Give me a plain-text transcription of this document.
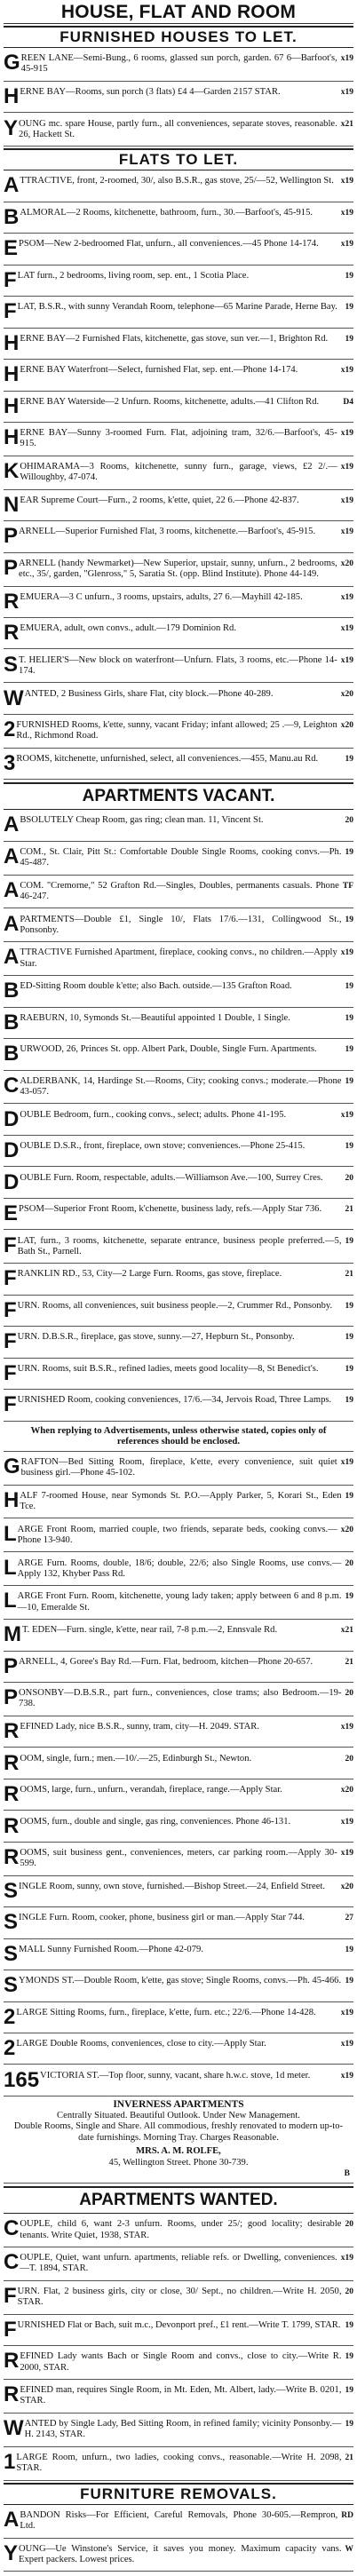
HOUSE, FLAT AND ROOM
FURNISHED HOUSES TO LET.
G	x19
REEN LANE—Semi-Bung., 6 rooms, glassed sun porch, garden. 67 6—Barfoot's, 45-915
H	x19
ERNE BAY—Rooms, sun porch (3 flats) £4 4—Garden 2157 STAR.
Y	x21
OUNG mc. spare House, partly furn., all conveniences, separate stoves, reasonable. 26, Hackett St.
FLATS TO LET.
A	x19
TTRACTIVE, front, 2-roomed, 30/, also B.S.R., gas stove, 25/—52, Wellington St.
B	x19
ALMORAL—2 Rooms, kitchenette, bathroom, furn., 30.—Barfoot's, 45-915.
E	x19
PSOM—New 2-bedroomed Flat, unfurn., all conveniences.—45 Phone 14-174.
F	19
LAT furn., 2 bedrooms, living room, sep. ent., 1 Scotia Place.
F	19
LAT, B.S.R., with sunny Verandah Room, telephone—65 Marine Parade, Herne Bay.
H	19
ERNE BAY—2 Furnished Flats, kitchenette, gas stove, sun ver.—1, Brighton Rd.
H	x19
ERNE BAY Waterfront—Select, furnished Flat, sep. ent.—Phone 14-174.
H	D4
ERNE BAY Waterside—2 Unfurn. Rooms, kitchenette, adults.—41 Clifton Rd.
H	x19
ERNE BAY—Sunny 3-roomed Furn. Flat, adjoining tram, 32/6.—Barfoot's, 45-915.
K	x19
OHIMARAMA—3 Rooms, kitchenette, sunny furn., garage, views, £2 2/.—Willoughby, 47-074.
N	x19
EAR Supreme Court—Furn., 2 rooms, k'ette, quiet, 22 6.—Phone 42-837.
P	x19
ARNELL—Superior Furnished Flat, 3 rooms, kitchenette.—Barfoot's, 45-915.
P	x20
ARNELL (handy Newmarket)—New Superior, upstair, sunny, unfurn., 2 bedrooms, etc., 35/, garden, "Glenross," 5, Saratia St. (opp. Blind Institute). Phone 44-149.
R	x19
EMUERA—3 C unfurn., 3 rooms, upstairs, adults, 27 6.—Mayhill 42-185.
R	x19
EMUERA, adult, own convs., adult.—179 Dominion Rd.
S	x19
T. HELIER'S—New block on waterfront—Unfurn. Flats, 3 rooms, etc.—Phone 14-174.
W	x20
ANTED, 2 Business Girls, share Flat, city block.—Phone 40-289.
2	x20
FURNISHED Rooms, k'ette, sunny, vacant Friday; infant allowed; 25 .—9, Leighton Rd., Richmond Road.
3	19
ROOMS, kitchenette, unfurnished, select, all conveniences.—455, Manu.au Rd.
APARTMENTS VACANT.
A	20
BSOLUTELY Cheap Room, gas ring; clean man. 11, Vincent St.
A	19
COM., St. Clair, Pitt St.: Comfortable Double Single Rooms, cooking convs.—Ph. 45-487.
A	TF
COM. "Cremorne," 52 Grafton Rd.—Singles, Doubles, permanents casuals. Phone 46-247.
A	19
PARTMENTS—Double £1, Single 10/, Flats 17/6.—131, Collingwood St., Ponsonby.
A	x19
TTRACTIVE Furnished Apartment, fireplace, cooking convs., no children.—Apply Star.
B	19
ED-Sitting Room double k'ette; also Bach. outside.—135 Grafton Road.
B	19
RAEBURN, 10, Symonds St.—Beautiful appointed 1 Double, 1 Single.
B	19
URWOOD, 26, Princes St. opp. Albert Park, Double, Single Furn. Apartments.
C	19
ALDERBANK, 14, Hardinge St.—Rooms, City; cooking convs.; moderate.—Phone 43-057.
D	x19
OUBLE Bedroom, furn., cooking convs., select; adults. Phone 41-195.
D	19
OUBLE D.S.R., front, fireplace, own stove; conveniences.—Phone 25-415.
D	20
OUBLE Furn. Room, respectable, adults.—Williamson Ave.—100, Surrey Cres.
E	21
PSOM—Superior Front Room, k'chenette, business lady, refs.—Apply Star 736.
F	19
LAT, furn., 3 rooms, kitchenette, separate entrance, business people preferred.—5, Bath St., Parnell.
F	21
RANKLIN RD., 53, City—2 Large Furn. Rooms, gas stove, fireplace.
F	19
URN. Rooms, all conveniences, suit business people.—2, Crummer Rd., Ponsonby.
F	19
URN. D.B.S.R., fireplace, gas stove, sunny.—27, Hepburn St., Ponsonby.
F	19
URN. Rooms, suit B.S.R., refined ladies, meets good locality—8, St Benedict's.
F	19
URNISHED Room, cooking conveniences, 17/6.—34, Jervois Road, Three Lamps.
When replying to Advertisements, unless otherwise stated, copies only of references should be enclosed.
G	x19
RAFTON—Bed Sitting Room, fireplace, k'ette, every convenience, suit quiet business girl.—Phone 45-102.
H	19
ALF 7-roomed House, near Symonds St. P.O.—Apply Parker, 5, Korari St., Eden Tce.
L	x20
ARGE Front Room, married couple, two friends, separate beds, cooking convs.—Phone 13-940.
L	20
ARGE Furn. Rooms, double, 18/6; double, 22/6; also Single Rooms, use convs.—Apply 132, Khyber Pass Rd.
L	19
ARGE Front Furn. Room, kitchenette, young lady taken; apply between 6 and 8 p.m.—10, Emeralde St.
M	x21
T. EDEN—Furn. single, k'ette, near rail, 7-8 p.m.—2, Ennsvale Rd.
P	21
ARNELL, 4, Goree's Bay Rd.—Furn. Flat, bedroom, kitchen—Phone 20-657.
P	20
ONSONBY—D.B.S.R., part furn., conveniences, close trams; also Bedroom.—19-738.
R	x19
EFINED Lady, nice B.S.R., sunny, tram, city—H. 2049. STAR.
R	20
OOM, single, furn.; men.—10/.—25, Edinburgh St., Newton.
R	x20
OOMS, large, furn., unfurn., verandah, fireplace, range.—Apply Star.
R	x19
OOMS, furn., double and single, gas ring, conveniences. Phone 46-131.
R	x19
OOMS, suit business gent., conveniences, meters, car parking room.—Apply 30-599.
S	x20
INGLE Room, sunny, own stove, furnished.—Bishop Street.—24, Enfield Street.
S	27
INGLE Furn. Room, cooker, phone, business girl or man.—Apply Star 744.
S	19
MALL Sunny Furnished Room.—Phone 42-079.
S	19
YMONDS ST.—Double Room, k'ette, gas stove; Single Rooms, convs.—Ph. 45-466.
2	x19
LARGE Sitting Rooms, furn., fireplace, k'ette, furn. etc.; 22/6.—Phone 14-428.
2	x19
LARGE Double Rooms, conveniences, close to city.—Apply Star.
165	x19
VICTORIA ST.—Top floor, sunny, vacant, share h.w.c. stove, 1d meter.
INVERNESS APARTMENTS
Centrally Situated. Beautiful Outlook. Under New Management.
Double Rooms, Single and Share. All commodious, freshly renovated to modern up-to-date furnishings. Morning Tray. Charges Reasonable.
MRS. A. M. ROLFE,
45, Wellington Street. Phone 30-739.
B
APARTMENTS WANTED.
C	20
OUPLE, child 6, want 2-3 unfurn. Rooms, under 25/; good locality; desirable tenants. Write Quiet, 1938, STAR.
C	x19
OUPLE, Quiet, want unfurn. apartments, reliable refs. or Dwelling, conveniences.—T. 1894, STAR.
F	20
URN. Flat, 2 business girls, city or close, 30/ Sept., no children.—Write H. 2050, STAR.
F	19
URNISHED Flat or Bach, suit m.c., Devonport pref., £1 rent.—Write T. 1799, STAR.
R	19
EFINED Lady wants Bach or Single Room and convs., close to city.—Write R. 2000, STAR.
R	19
EFINED man, requires Single Room, in Mt. Eden, Mt. Albert, lady.—Write B. 0201, STAR.
W	19
ANTED by Single Lady, Bed Sitting Room, in refined family; vicinity Ponsonby.—H. 2143, STAR.
1	21
LARGE Room, unfurn., two ladies, cooking convs., reasonable.—Write H. 2098, STAR.
FURNITURE REMOVALS.
A	RD
BANDON Risks—For Efficient, Careful Removals, Phone 30-605.—Rempron, Ltd.
Y	W
OUNG—Ue Winstone's Service, it saves you money. Maximum capacity vans. Expert packers. Lowest prices.
